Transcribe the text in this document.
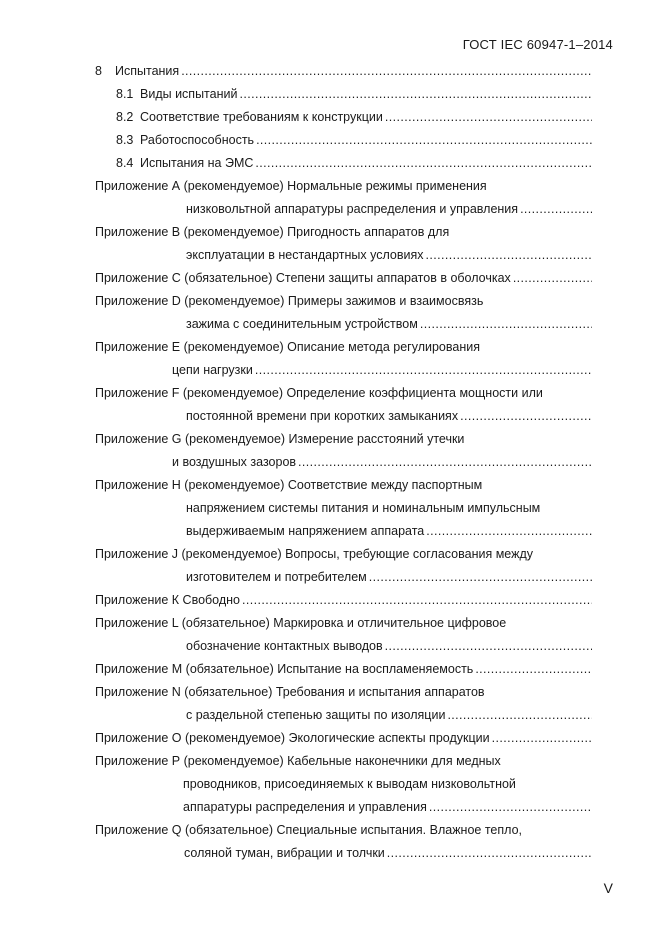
ГОСТ IEC 60947-1–2014
8 Испытания
.....
8.1 Виды испытаний
.....
8.2 Соответствие требованиям к конструкции
.....
8.3 Работоспособность
.....
8.4 Испытания на ЭМС
.....
Приложение А (рекомендуемое) Нормальные режимы применения
низковольтной аппаратуры распределения и управления
.....
Приложение В (рекомендуемое) Пригодность аппаратов для
эксплуатации в нестандартных условиях
.....
Приложение С (обязательное) Степени защиты аппаратов в оболочках
.....
Приложение D (рекомендуемое) Примеры зажимов и взаимосвязь
зажима с соединительным устройством
.....
Приложение Е (рекомендуемое) Описание метода регулирования
цепи нагрузки
.....
Приложение F (рекомендуемое) Определение коэффициента мощности или
постоянной времени при коротких замыканиях
.....
Приложение G (рекомендуемое) Измерение расстояний утечки
и воздушных зазоров
.....
Приложение Н (рекомендуемое) Соответствие между паспортным
напряжением системы питания и номинальным импульсным
выдерживаемым напряжением аппарата
.....
Приложение J (рекомендуемое) Вопросы, требующие согласования между
изготовителем и потребителем
.....
Приложение К Свободно
.....
Приложение L (обязательное) Маркировка и отличительное цифровое
обозначение контактных выводов
.....
Приложение М (обязательное) Испытание на воспламеняемость
.....
Приложение N (обязательное) Требования и испытания аппаратов
с раздельной степенью защиты по изоляции
.....
Приложение О (рекомендуемое) Экологические аспекты продукции
.....
Приложение Р (рекомендуемое) Кабельные наконечники для медных
проводников, присоединяемых к выводам низковольтной
аппаратуры распределения и управления
.....
Приложение Q (обязательное) Специальные испытания. Влажное тепло,
соляной туман, вибрации и толчки
.....
V
